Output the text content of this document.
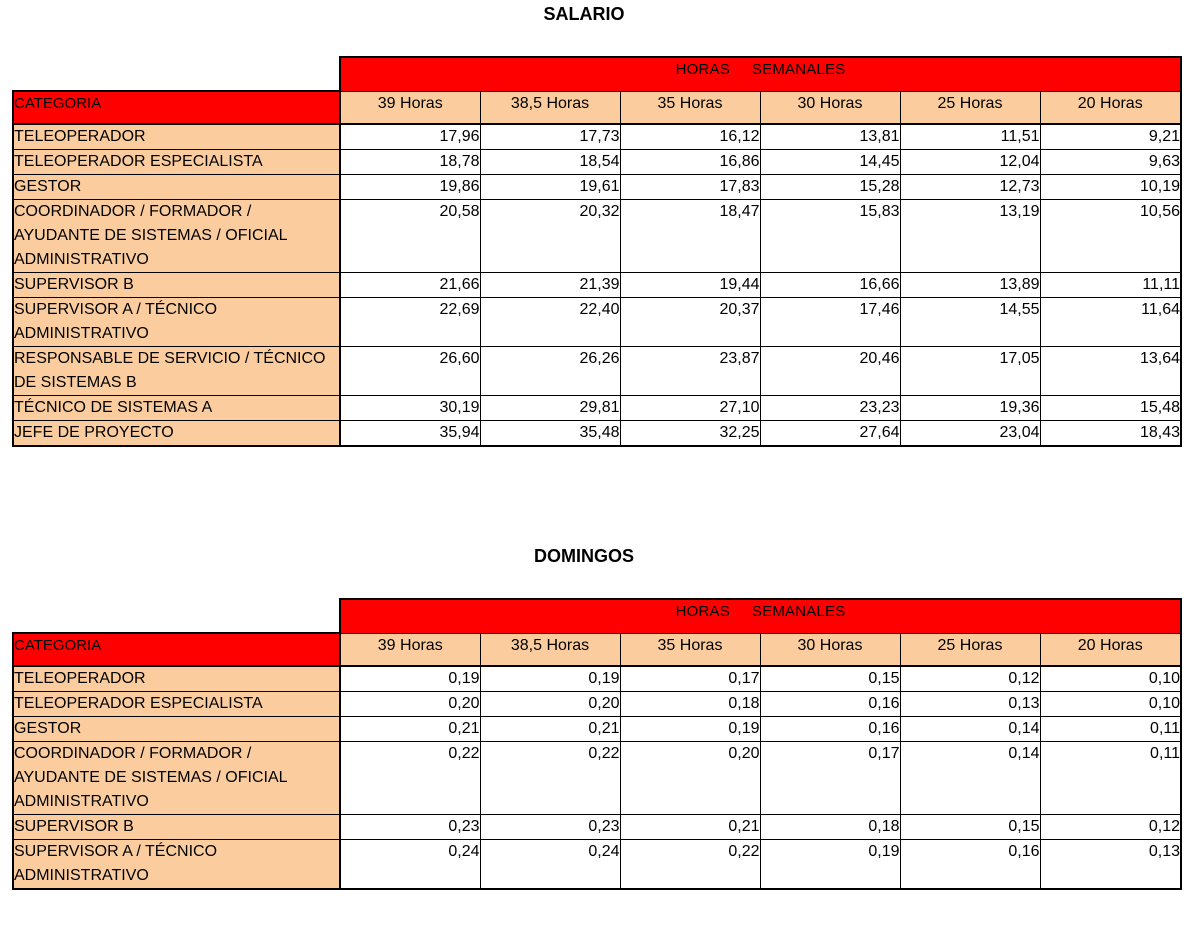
SALARIO
	HORAS SEMANALES					
CATEGORIA	39 Horas	38,5 Horas	35 Horas	30 Horas	25 Horas	20 Horas
TELEOPERADOR	17,96	17,73	16,12	13,81	11,51	9,21
TELEOPERADOR ESPECIALISTA	18,78	18,54	16,86	14,45	12,04	9,63
GESTOR	19,86	19,61	17,83	15,28	12,73	10,19
COORDINADOR / FORMADOR / AYUDANTE DE SISTEMAS / OFICIAL ADMINISTRATIVO	20,58	20,32	18,47	15,83	13,19	10,56
SUPERVISOR B	21,66	21,39	19,44	16,66	13,89	11,11
SUPERVISOR A / TÉCNICO ADMINISTRATIVO	22,69	22,40	20,37	17,46	14,55	11,64
RESPONSABLE DE SERVICIO / TÉCNICO DE SISTEMAS B	26,60	26,26	23,87	20,46	17,05	13,64
TÉCNICO DE SISTEMAS A	30,19	29,81	27,10	23,23	19,36	15,48
JEFE DE PROYECTO	35,94	35,48	32,25	27,64	23,04	18,43
DOMINGOS
	HORAS SEMANALES					
CATEGORIA	39 Horas	38,5 Horas	35 Horas	30 Horas	25 Horas	20 Horas
TELEOPERADOR	0,19	0,19	0,17	0,15	0,12	0,10
TELEOPERADOR ESPECIALISTA	0,20	0,20	0,18	0,16	0,13	0,10
GESTOR	0,21	0,21	0,19	0,16	0,14	0,11
COORDINADOR / FORMADOR / AYUDANTE DE SISTEMAS / OFICIAL ADMINISTRATIVO	0,22	0,22	0,20	0,17	0,14	0,11
SUPERVISOR B	0,23	0,23	0,21	0,18	0,15	0,12
SUPERVISOR A / TÉCNICO ADMINISTRATIVO	0,24	0,24	0,22	0,19	0,16	0,13
